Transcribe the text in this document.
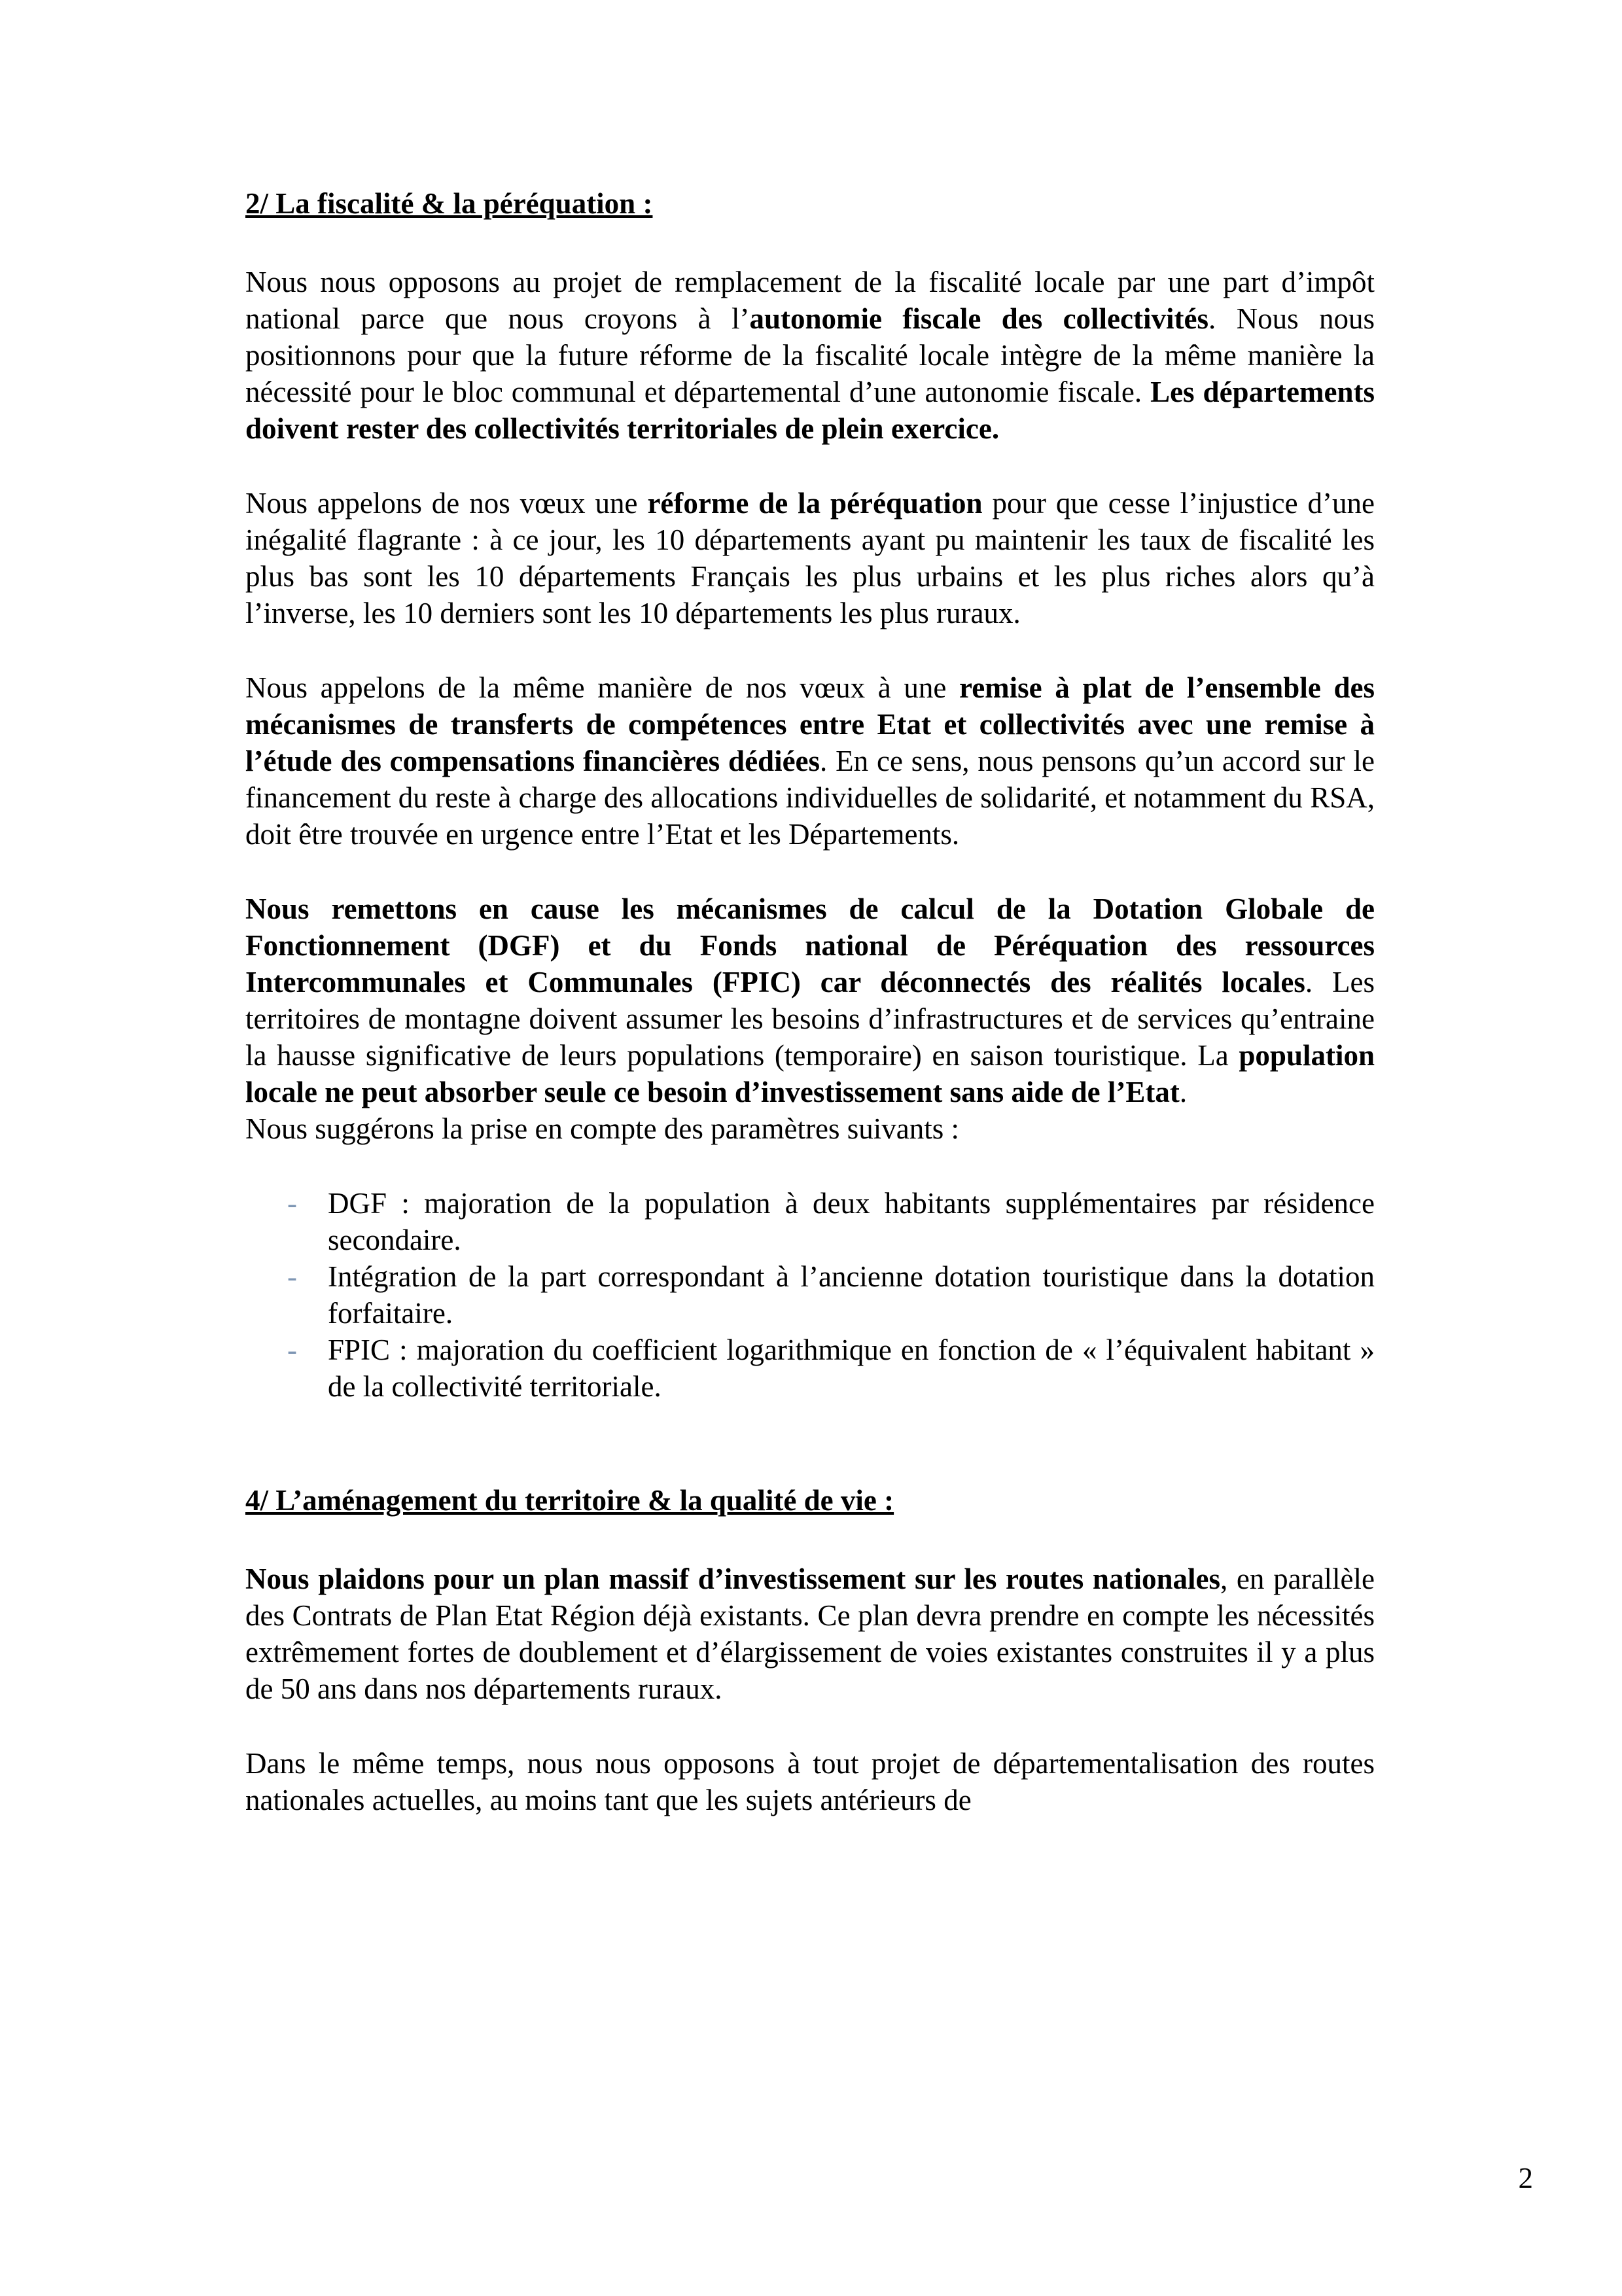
2/ La fiscalité & la péréquation :

Nous nous opposons au projet de remplacement de la fiscalité locale par une part d’impôt national parce que nous croyons à l’autonomie fiscale des collectivités. Nous nous positionnons pour que la future réforme de la fiscalité locale intègre de la même manière la nécessité pour le bloc communal et départemental d’une autonomie fiscale. Les départements doivent rester des collectivités territoriales de plein exercice.

Nous appelons de nos vœux une réforme de la péréquation pour que cesse l’injustice d’une inégalité flagrante : à ce jour, les 10 départements ayant pu maintenir les taux de fiscalité les plus bas sont les 10 départements Français les plus urbains et les plus riches alors qu’à l’inverse, les 10 derniers sont les 10 départements les plus ruraux.

Nous appelons de la même manière de nos vœux à une remise à plat de l’ensemble des mécanismes de transferts de compétences entre Etat et collectivités avec une remise à l’étude des compensations financières dédiées. En ce sens, nous pensons qu’un accord sur le financement du reste à charge des allocations individuelles de solidarité, et notamment du RSA, doit être trouvée en urgence entre l’Etat et les Départements.

Nous remettons en cause les mécanismes de calcul de la Dotation Globale de Fonctionnement (DGF) et du Fonds national de Péréquation des ressources Intercommunales et Communales (FPIC) car déconnectés des réalités locales. Les territoires de montagne doivent assumer les besoins d’infrastructures et de services qu’entraine la hausse significative de leurs populations (temporaire) en saison touristique. La population locale ne peut absorber seule ce besoin d’investissement sans aide de l’Etat.

Nous suggérons la prise en compte des paramètres suivants :

-	DGF : majoration de la population à deux habitants supplémentaires par résidence secondaire.
-	Intégration de la part correspondant à l’ancienne dotation touristique dans la dotation forfaitaire.
-	FPIC : majoration du coefficient logarithmique en fonction de « l’équivalent habitant » de la collectivité territoriale.
4/ L’aménagement du territoire & la qualité de vie :

Nous plaidons pour un plan massif d’investissement sur les routes nationales, en parallèle des Contrats de Plan Etat Région déjà existants. Ce plan devra prendre en compte les nécessités extrêmement fortes de doublement et d’élargissement de voies existantes construites il y a plus de 50 ans dans nos départements ruraux.

Dans le même temps, nous nous opposons à tout projet de départementalisation des routes nationales actuelles, au moins tant que les sujets antérieurs de

2
